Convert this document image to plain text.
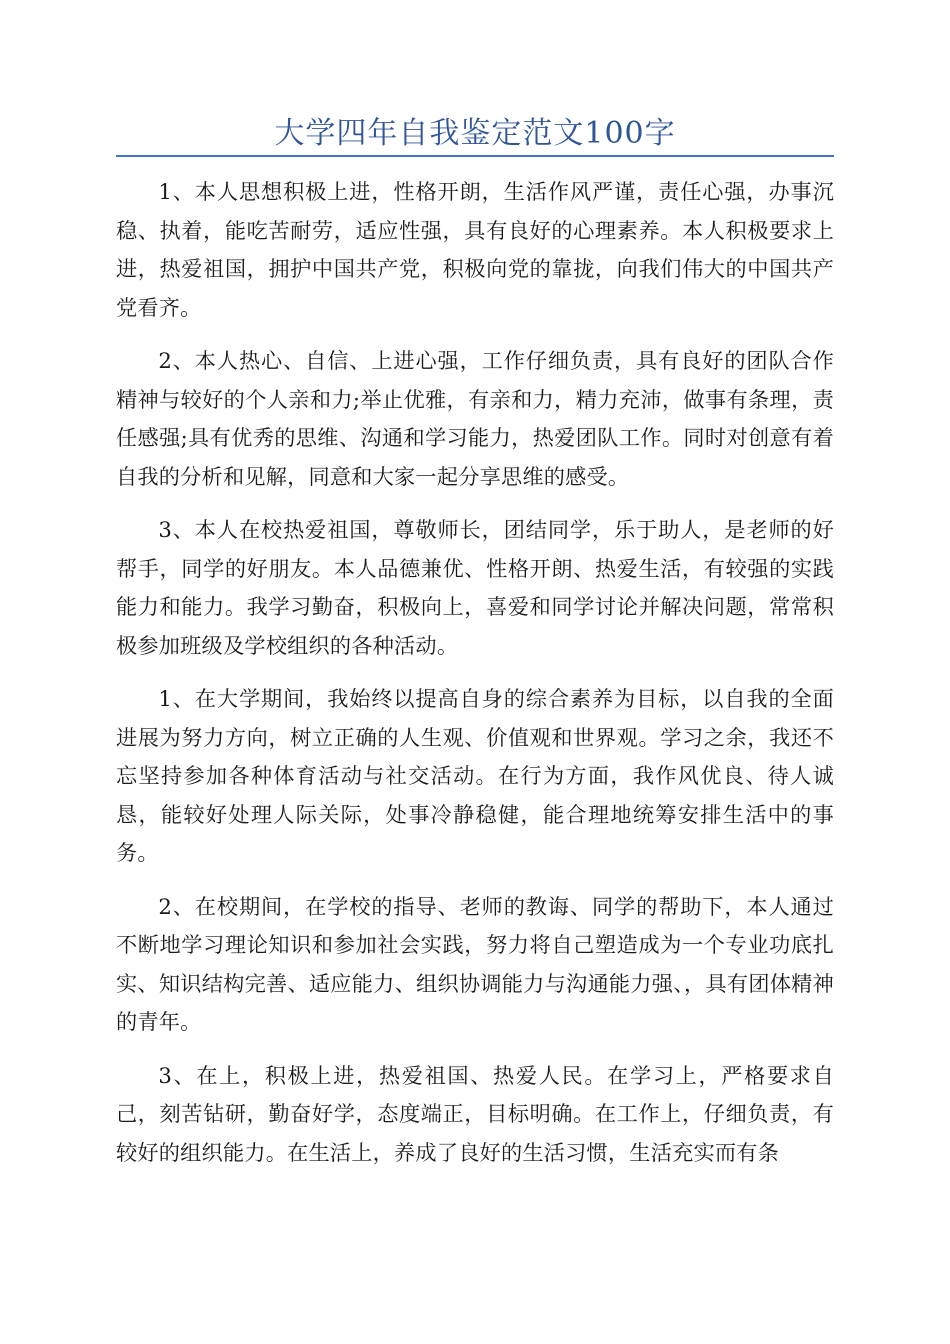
大学四年自我鉴定范文100字

1、本人思想积极上进，性格开朗，生活作风严谨，责任心强，办事沉稳、执着，能吃苦耐劳，适应性强，具有良好的心理素养。本人积极要求上进，热爱祖国，拥护中国共产党，积极向党的靠拢，向我们伟大的中国共产党看齐。

2、本人热心、自信、上进心强，工作仔细负责，具有良好的团队合作精神与较好的个人亲和力;举止优雅，有亲和力，精力充沛，做事有条理，责任感强;具有优秀的思维、沟通和学习能力，热爱团队工作。同时对创意有着自我的分析和见解，同意和大家一起分享思维的感受。

3、本人在校热爱祖国，尊敬师长，团结同学，乐于助人，是老师的好帮手，同学的好朋友。本人品德兼优、性格开朗、热爱生活，有较强的实践能力和能力。我学习勤奋，积极向上，喜爱和同学讨论并解决问题，常常积极参加班级及学校组织的各种活动。

1、在大学期间，我始终以提高自身的综合素养为目标，以自我的全面进展为努力方向，树立正确的人生观、价值观和世界观。学习之余，我还不忘坚持参加各种体育活动与社交活动。在行为方面，我作风优良、待人诚恳，能较好处理人际关际，处事冷静稳健，能合理地统筹安排生活中的事务。

2、在校期间，在学校的指导、老师的教诲、同学的帮助下，本人通过不断地学习理论知识和参加社会实践，努力将自己塑造成为一个专业功底扎实、知识结构完善、适应能力、组织协调能力与沟通能力强、，具有团体精神的青年。

3、在上，积极上进，热爱祖国、热爱人民。在学习上，严格要求自己，刻苦钻研，勤奋好学，态度端正，目标明确。在工作上，仔细负责，有较好的组织能力。在生活上，养成了良好的生活习惯，生活充实而有条
